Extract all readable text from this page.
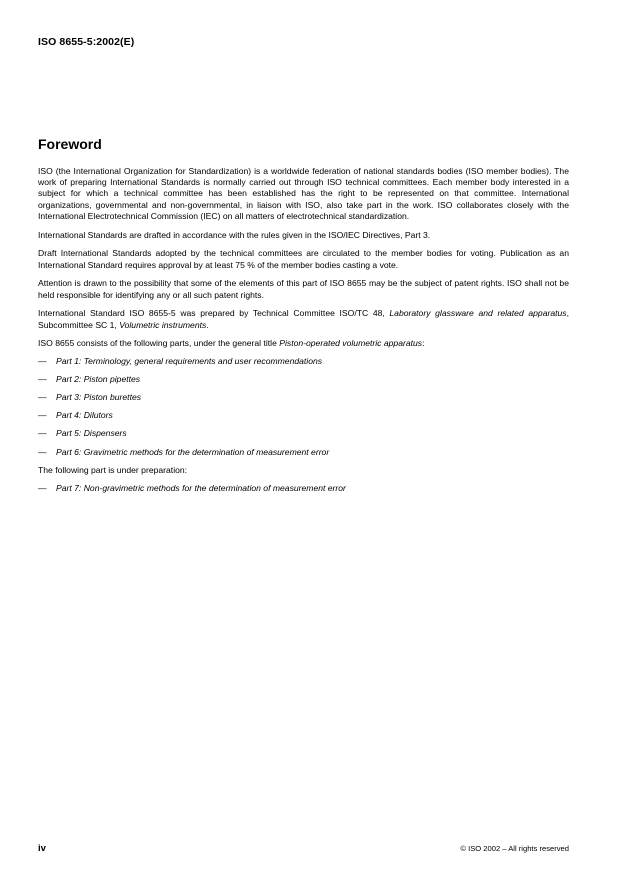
ISO 8655-5:2002(E)
Foreword

ISO (the International Organization for Standardization) is a worldwide federation of national standards bodies (ISO member bodies). The work of preparing International Standards is normally carried out through ISO technical committees. Each member body interested in a subject for which a technical committee has been established has the right to be represented on that committee. International organizations, governmental and non-governmental, in liaison with ISO, also take part in the work. ISO collaborates closely with the International Electrotechnical Commission (IEC) on all matters of electrotechnical standardization.

International Standards are drafted in accordance with the rules given in the ISO/IEC Directives, Part 3.

Draft International Standards adopted by the technical committees are circulated to the member bodies for voting. Publication as an International Standard requires approval by at least 75 % of the member bodies casting a vote.

Attention is drawn to the possibility that some of the elements of this part of ISO 8655 may be the subject of patent rights. ISO shall not be held responsible for identifying any or all such patent rights.

International Standard ISO 8655-5 was prepared by Technical Committee ISO/TC 48, Laboratory glassware and related apparatus, Subcommittee SC 1, Volumetric instruments.

ISO 8655 consists of the following parts, under the general title Piston-operated volumetric apparatus:

—	Part 1: Terminology, general requirements and user recommendations
—	Part 2: Piston pipettes
—	Part 3: Piston burettes
—	Part 4: Dilutors
—	Part 5: Dispensers
—	Part 6: Gravimetric methods for the determination of measurement error

The following part is under preparation:

—	Part 7: Non-gravimetric methods for the determination of measurement error
iv	© ISO 2002 – All rights reserved
